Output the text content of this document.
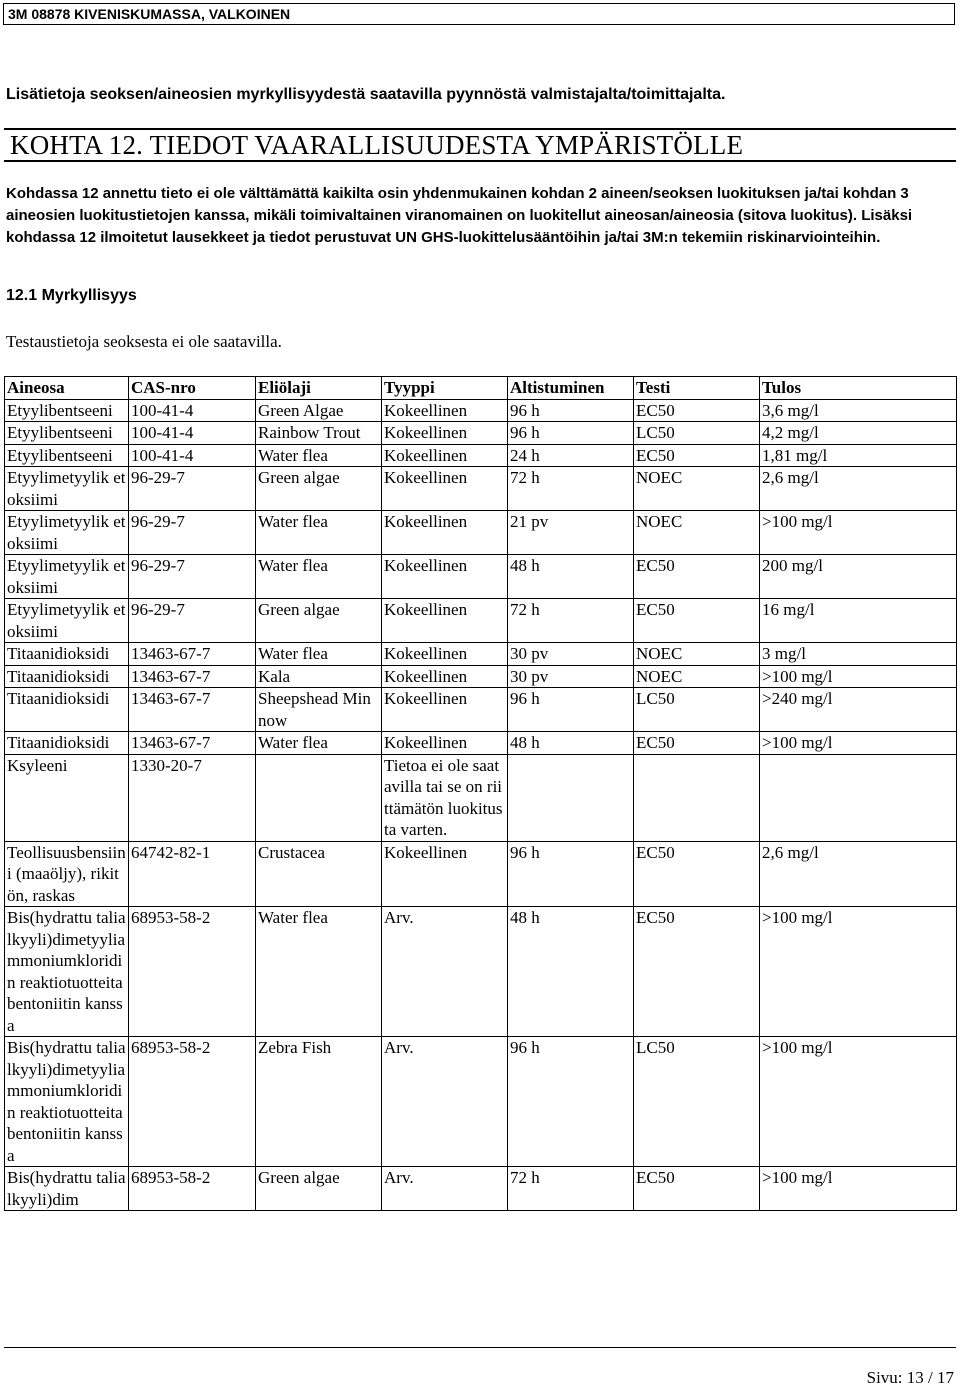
3M 08878 KIVENISKUMASSA, VALKOINEN
Lisätietoja seoksen/aineosien myrkyllisyydestä saatavilla pyynnöstä valmistajalta/toimittajalta.
KOHTA 12. TIEDOT VAARALLISUUDESTA YMPÄRISTÖLLE
Kohdassa 12 annettu tieto ei ole välttämättä kaikilta osin yhdenmukainen kohdan 2 aineen/seoksen luokituksen ja/tai kohdan 3 aineosien luokitustietojen kanssa, mikäli toimivaltainen viranomainen on luokitellut aineosan/aineosia (sitova luokitus). Lisäksi kohdassa 12 ilmoitetut lausekkeet ja tiedot perustuvat UN GHS-luokittelusääntöihin ja/tai 3M:n tekemiin riskinarviointeihin.
12.1 Myrkyllisyys
Testaustietoja seoksesta ei ole saatavilla.
Aineosa	CAS-nro	Eliölaji	Tyyppi	Altistuminen	Testi	Tulos
Etyylibentseeni	100-41-4	Green Algae	Kokeellinen	96 h	EC50	3,6 mg/l
Etyylibentseeni	100-41-4	Rainbow Trout	Kokeellinen	96 h	LC50	4,2 mg/l
Etyylibentseeni	100-41-4	Water flea	Kokeellinen	24 h	EC50	1,81 mg/l
Etyylimetyylik etoksiimi	96-29-7	Green algae	Kokeellinen	72 h	NOEC	2,6 mg/l
Etyylimetyylik etoksiimi	96-29-7	Water flea	Kokeellinen	21 pv	NOEC	>100 mg/l
Etyylimetyylik etoksiimi	96-29-7	Water flea	Kokeellinen	48 h	EC50	200 mg/l
Etyylimetyylik etoksiimi	96-29-7	Green algae	Kokeellinen	72 h	EC50	16 mg/l
Titaanidioksidi	13463-67-7	Water flea	Kokeellinen	30 pv	NOEC	3 mg/l
Titaanidioksidi	13463-67-7	Kala	Kokeellinen	30 pv	NOEC	>100 mg/l
Titaanidioksidi	13463-67-7	Sheepshead Minnow	Kokeellinen	96 h	LC50	>240 mg/l
Titaanidioksidi	13463-67-7	Water flea	Kokeellinen	48 h	EC50	>100 mg/l
Ksyleeni	1330-20-7		Tietoa ei ole saatavilla tai se on riittämätön luokitusta varten.			
Teollisuusbensiini (maaöljy), rikitön, raskas	64742-82-1	Crustacea	Kokeellinen	96 h	EC50	2,6 mg/l
Bis(hydrattu talialkyyli)dimetyyliammoniumkloridin reaktiotuotteita bentoniitin kanssa	68953-58-2	Water flea	Arv.	48 h	EC50	>100 mg/l
Bis(hydrattu talialkyyli)dimetyyliammoniumkloridin reaktiotuotteita bentoniitin kanssa	68953-58-2	Zebra Fish	Arv.	96 h	LC50	>100 mg/l
Bis(hydrattu talialkyyli)dim	68953-58-2	Green algae	Arv.	72 h	EC50	>100 mg/l
Sivu: 13 / 17
